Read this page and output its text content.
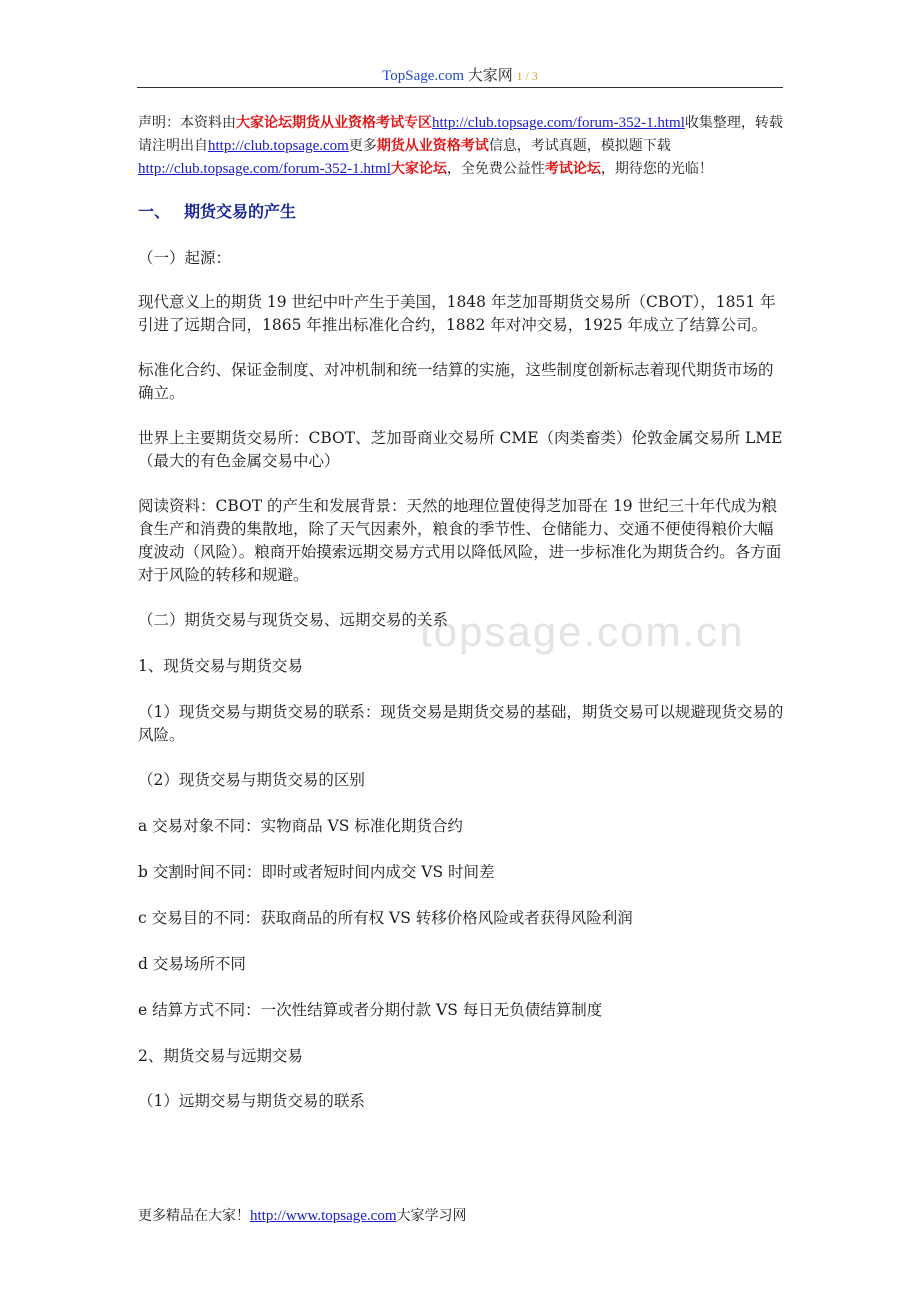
TopSage.com 大家网 1 / 3
topsage.com.cn

声明：本资料由大家论坛期货从业资格考试专区http://club.topsage.com/forum-352-1.html收集整理，转载请注明出自http://club.topsage.com更多期货从业资格考试信息，考试真题，模拟题下载http://club.topsage.com/forum-352-1.html大家论坛，全免费公益性考试论坛，期待您的光临！

一、 期货交易的产生

（一）起源：

现代意义上的期货 19 世纪中叶产生于美国，1848 年芝加哥期货交易所（CBOT），1851 年引进了远期合同，1865 年推出标准化合约，1882 年对冲交易，1925 年成立了结算公司。

标准化合约、保证金制度、对冲机制和统一结算的实施，这些制度创新标志着现代期货市场的确立。

世界上主要期货交易所：CBOT、芝加哥商业交易所 CME（肉类畜类）伦敦金属交易所 LME（最大的有色金属交易中心）

阅读资料：CBOT 的产生和发展背景：天然的地理位置使得芝加哥在 19 世纪三十年代成为粮食生产和消费的集散地，除了天气因素外，粮食的季节性、仓储能力、交通不便使得粮价大幅度波动（风险）。粮商开始摸索远期交易方式用以降低风险，进一步标准化为期货合约。各方面对于风险的转移和规避。

（二）期货交易与现货交易、远期交易的关系

1、现货交易与期货交易

（1）现货交易与期货交易的联系：现货交易是期货交易的基础，期货交易可以规避现货交易的风险。

（2）现货交易与期货交易的区别

a 交易对象不同：实物商品 VS 标准化期货合约

b 交割时间不同：即时或者短时间内成交 VS 时间差

c 交易目的不同：获取商品的所有权 VS 转移价格风险或者获得风险利润

d 交易场所不同

e 结算方式不同：一次性结算或者分期付款 VS 每日无负债结算制度

2、期货交易与远期交易

（1）远期交易与期货交易的联系

更多精品在大家！http://www.topsage.com大家学习网
